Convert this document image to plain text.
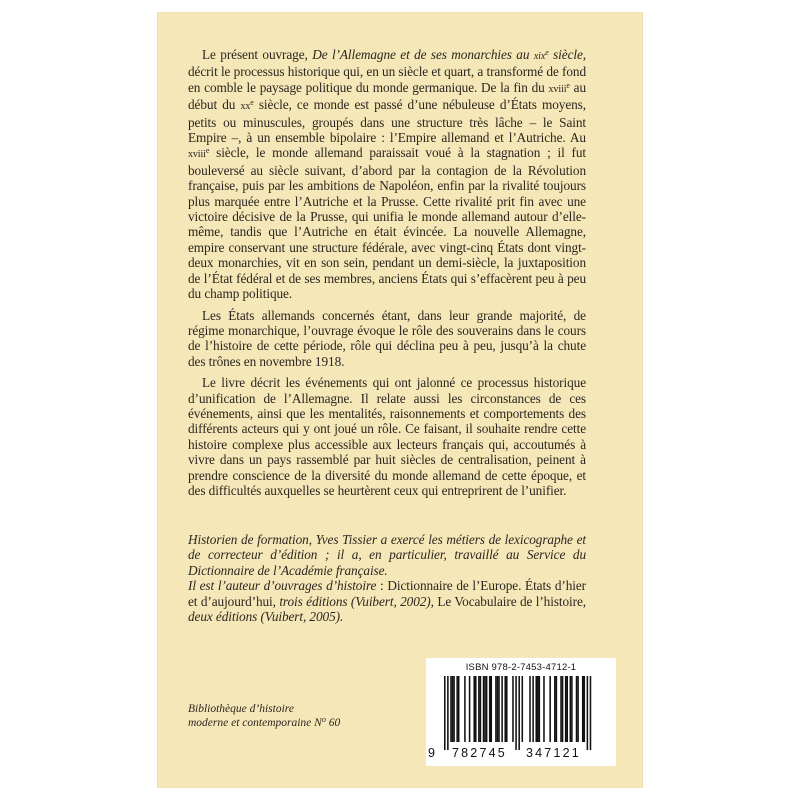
Le présent ouvrage, De l’Allemagne et de ses monarchies au xix$^e$ siècle, décrit le processus historique qui, en un siècle et quart, a transformé de fond en comble le paysage politique du monde germanique. De la fin du xviii$^e$ au début du $xx^e$ siècle, ce monde est passé d’une nébuleuse d’États moyens, petits ou minuscules, groupés dans une structure très lâche – le Saint Empire –, à un ensemble bipolaire : l’Empire allemand et l’Autriche. Au xviii$^e$ siècle, le monde allemand paraissait voué à la stagnation ; il fut bouleversé au siècle suivant, d’abord par la contagion de la Révolution française, puis par les ambitions de Napoléon, enfin par la rivalité toujours plus marquée entre l’Autriche et la Prusse. Cette rivalité prit fin avec une victoire décisive de la Prusse, qui unifia le monde allemand autour d’elle-même, tandis que l’Autriche en était évincée. La nouvelle Allemagne, empire conservant une structure fédérale, avec vingt-cinq États dont vingt-deux monarchies, vit en son sein, pendant un demi-siècle, la juxtaposition de l’État fédéral et de ses membres, anciens États qui s’effacèrent peu à peu du champ politique.

Les États allemands concernés étant, dans leur grande majorité, de régime monarchique, l’ouvrage évoque le rôle des souverains dans le cours de l’histoire de cette période, rôle qui déclina peu à peu, jusqu’à la chute des trônes en novembre 1918.

Le livre décrit les événements qui ont jalonné ce processus historique d’unification de l’Allemagne. Il relate aussi les circonstances de ces événements, ainsi que les mentalités, raisonnements et comportements des différents acteurs qui y ont joué un rôle. Ce faisant, il souhaite rendre cette histoire complexe plus accessible aux lecteurs français qui, accoutumés à vivre dans un pays rassemblé par huit siècles de centralisation, peinent à prendre conscience de la diversité du monde allemand de cette époque, et des difficultés auxquelles se heurtèrent ceux qui entreprirent de l’unifier.

Historien de formation, Yves Tissier a exercé les métiers de lexicographe et de correcteur d’édition ; il a, en particulier, travaillé au Service du Dictionnaire de l’Académie française.

Il est l’auteur d’ouvrages d’histoire : Dictionnaire de l’Europe. États d’hier et d’aujourd’hui, trois éditions (Vuibert, 2002), Le Vocabulaire de l’histoire, deux éditions (Vuibert, 2005).

Bibliothèque d’histoire
moderne et contemporaine $N^o$ 60
ISBN 978-2-7453-4712-1
9 782745 347121
